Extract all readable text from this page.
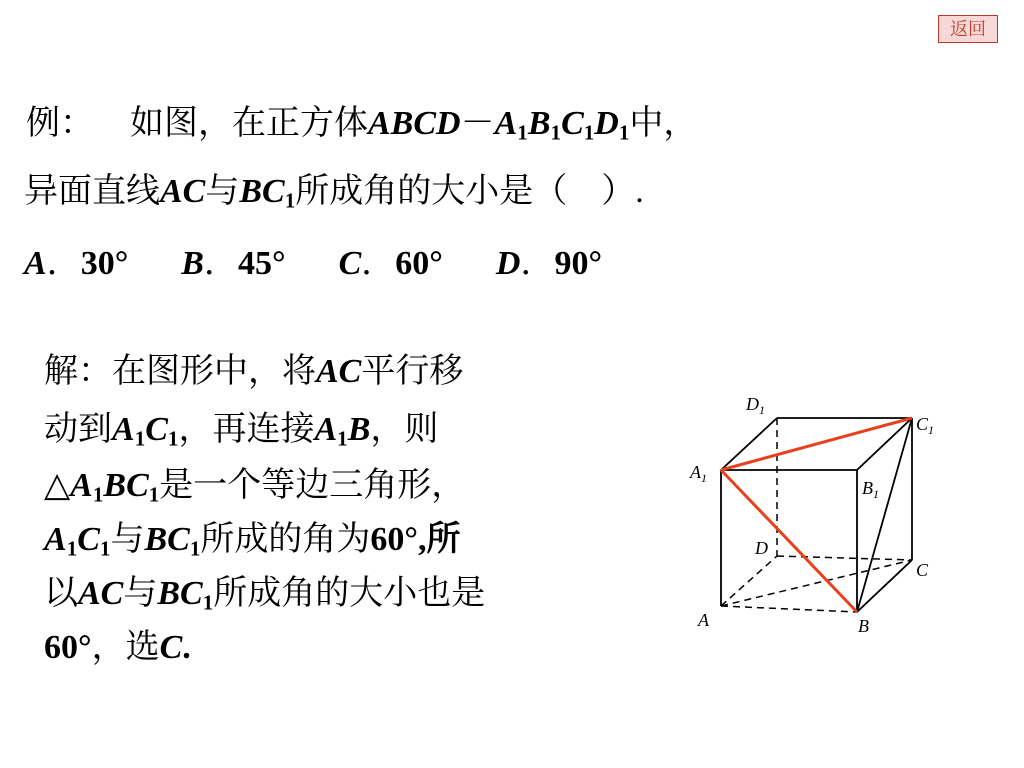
返回
例： 如图，在正方体$ABCD-A_1B_1C_1D_1$中，
异面直线AC与$BC_1$所成角的大小是（　）.
A．30° B．45° C．60° D．90°
解：在图形中，将AC平行移
动到$A_1C_1$，再连接$A_1B$，则
$\triangle A_1BC_1$是一个等边三角形，
$A_1C_1$与$BC_1$所成的角为60°,所
以AC与$BC_1$所成角的大小也是
60°，选C.
$D_1$
$C_1$
$A_1$	$B_1$
D
C
A	B
